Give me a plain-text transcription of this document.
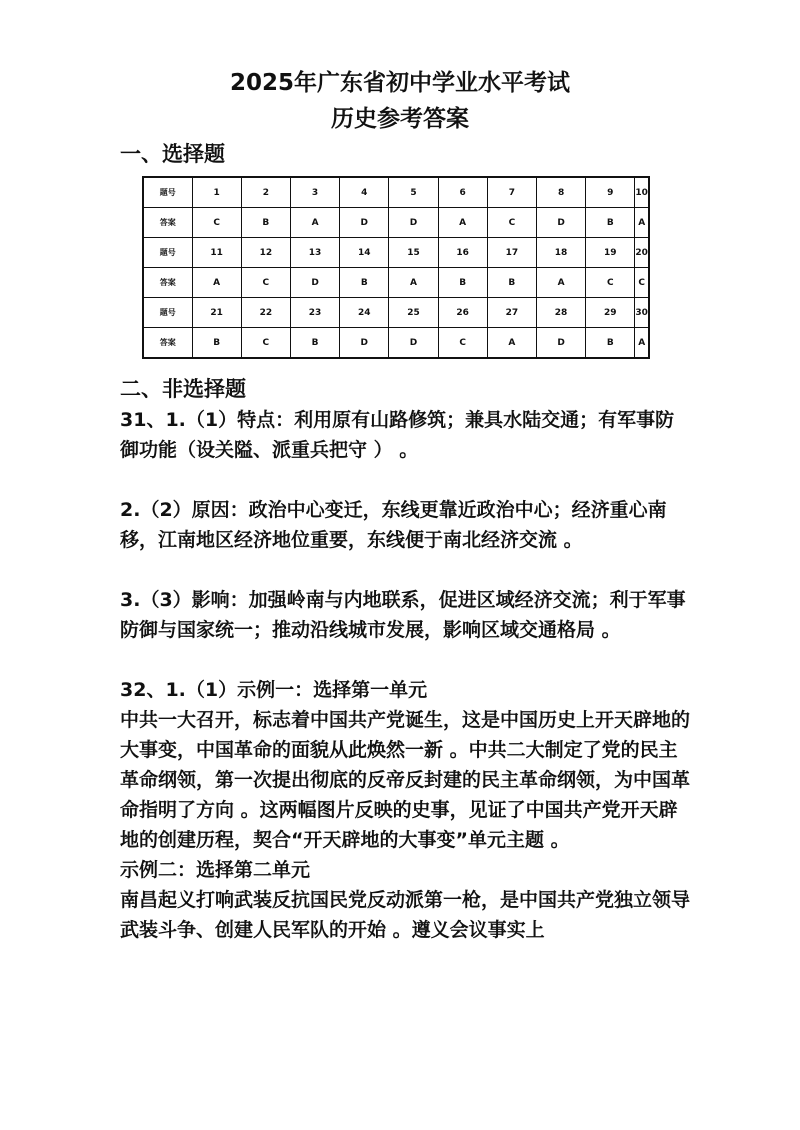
2025年广东省初中学业水平考试
历史参考答案
一、选择题
题号	1	2	3	4	5	6	7	8	9	10
答案	C	B	A	D	D	A	C	D	B	A
题号	11	12	13	14	15	16	17	18	19	20
答案	A	C	D	B	A	B	B	A	C	C
题号	21	22	23	24	25	26	27	28	29	30
答案	B	C	B	D	D	C	A	D	B	A
二、非选择题

31、1.（1）特点：利用原有山路修筑；兼具水陆交通；有军事防御功能（设关隘、派重兵把守 ） 。

2.（2）原因：政治中心变迁，东线更靠近政治中心；经济重心南移，江南地区经济地位重要，东线便于南北经济交流 。

3.（3）影响：加强岭南与内地联系，促进区域经济交流；利于军事防御与国家统一；推动沿线城市发展，影响区域交通格局 。

32、1.（1）示例一：选择第一单元

中共一大召开，标志着中国共产党诞生，这是中国历史上开天辟地的大事变，中国革命的面貌从此焕然一新 。中共二大制定了党的民主革命纲领，第一次提出彻底的反帝反封建的民主革命纲领，为中国革命指明了方向 。这两幅图片反映的史事，见证了中国共产党开天辟地的创建历程，契合“开天辟地的大事变”单元主题 。

示例二：选择第二单元

南昌起义打响武装反抗国民党反动派第一枪，是中国共产党独立领导武装斗争、创建人民军队的开始 。遵义会议事实上
